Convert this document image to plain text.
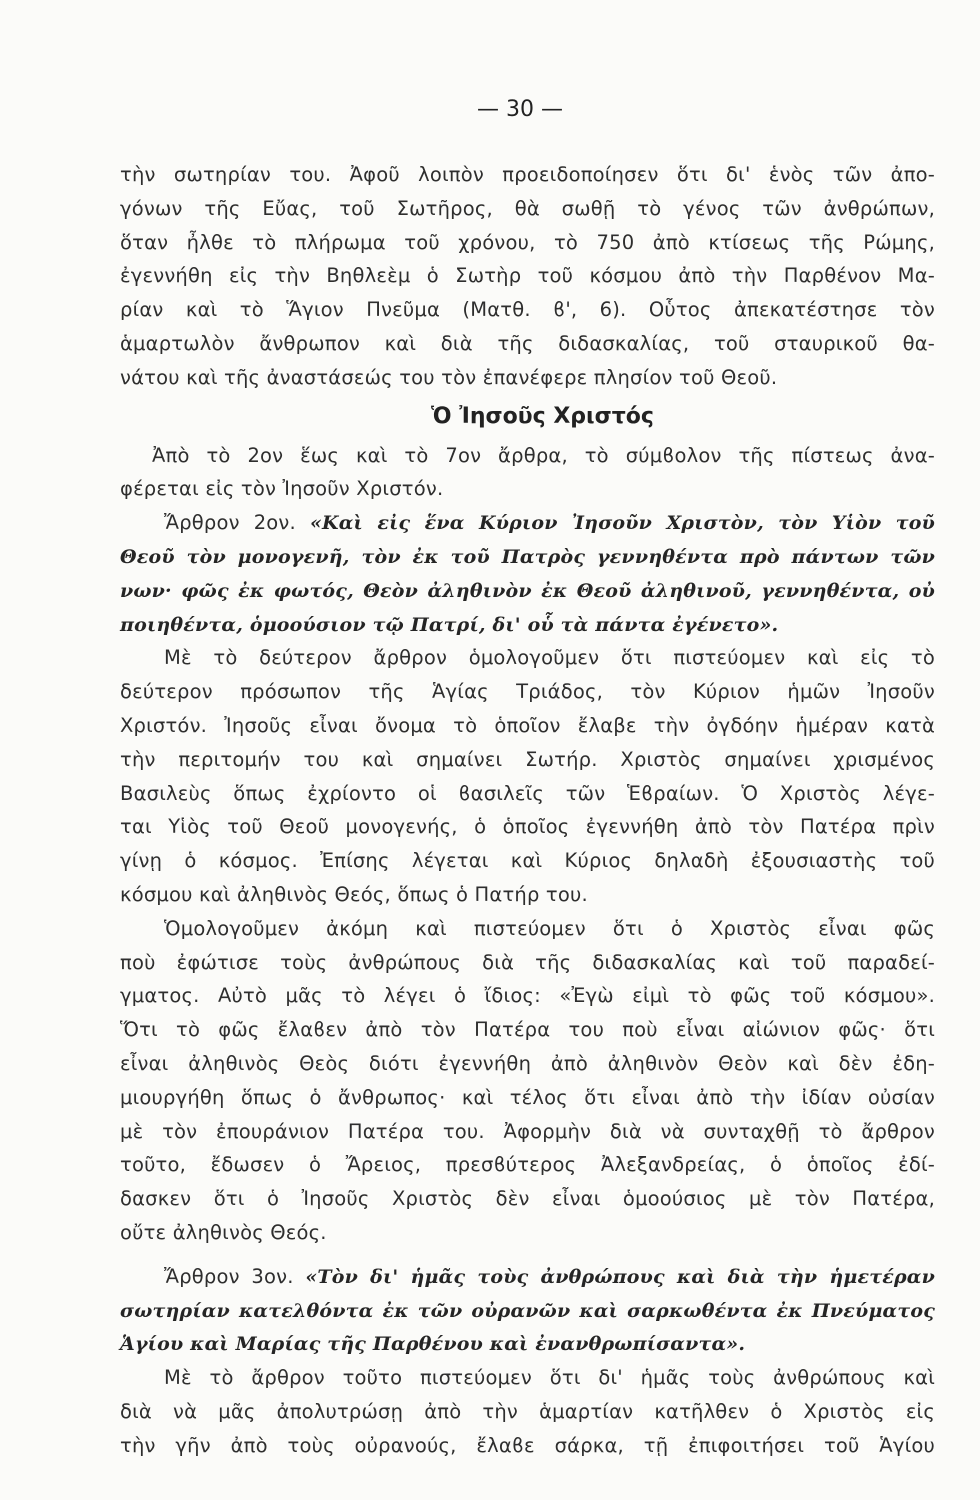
— 30 —
τὴν σωτηρίαν του. Ἀφοῦ λοιπὸν προειδοποίησεν ὅτι δι' ἑνὸς τῶν ἀπο-
γόνων τῆς Εὔας, τοῦ Σωτῆρος, θὰ σωθῇ τὸ γένος τῶν ἀνθρώπων,
ὅταν ἦλθε τὸ πλήρωμα τοῦ χρόνου, τὸ 750 ἀπὸ κτίσεως τῆς Ρώμης,
ἐγεννήθη εἰς τὴν Βηθλεὲμ ὁ Σωτὴρ τοῦ κόσμου ἀπὸ τὴν Παρθένον Μα-
ρίαν καὶ τὸ Ἅγιον Πνεῦμα (Ματθ. ϐ', 6). Οὗτος ἀπεκατέστησε τὸν
ἁμαρτωλὸν ἄνθρωπον καὶ διὰ τῆς διδασκαλίας, τοῦ σταυρικοῦ θα-
νάτου καὶ τῆς ἀναστάσεώς του τὸν ἐπανέφερε πλησίον τοῦ Θεοῦ.
Ὁ Ἰησοῦς Χριστός
Ἀπὸ τὸ 2ον ἕως καὶ τὸ 7ον ἄρθρα, τὸ σύμϐολον τῆς πίστεως ἀνα-
φέρεται εἰς τὸν Ἰησοῦν Χριστόν.
Ἄρθρον 2ον. «Καὶ εἰς ἕνα Κύριον Ἰησοῦν Χριστὸν, τὸν Υἱὸν τοῦ
Θεοῦ τὸν μονογενῆ, τὸν ἐκ τοῦ Πατρὸς γεννηθέντα πρὸ πάντων τῶν
νων· φῶς ἐκ φωτός, Θεὸν ἀληθινὸν ἐκ Θεοῦ ἀληθινοῦ, γεννηθέντα, οὐ
ποιηθέντα, ὁμοούσιον τῷ Πατρί, δι' οὗ τὰ πάντα ἐγένετο».
Μὲ τὸ δεύτερον ἄρθρον ὁμολογοῦμεν ὅτι πιστεύομεν καὶ εἰς τὸ
δεύτερον πρόσωπον τῆς Ἁγίας Τριάδος, τὸν Κύριον ἡμῶν Ἰησοῦν
Χριστόν. Ἰησοῦς εἶναι ὄνομα τὸ ὁποῖον ἔλαβε τὴν ὀγδόην ἡμέραν κατὰ
τὴν περιτομήν του καὶ σημαίνει Σωτήρ. Χριστὸς σημαίνει χρισμένος
Βασιλεὺς ὅπως ἐχρίοντο οἱ ϐασιλεῖς τῶν Ἑϐραίων. Ὁ Χριστὸς λέγε-
ται Υἱὸς τοῦ Θεοῦ μονογενής, ὁ ὁποῖος ἐγεννήθη ἀπὸ τὸν Πατέρα πρὶν
γίνῃ ὁ κόσμος. Ἐπίσης λέγεται καὶ Κύριος δηλαδὴ ἐξουσιαστὴς τοῦ
κόσμου καὶ ἀληθινὸς Θεός, ὅπως ὁ Πατήρ του.
Ὁμολογοῦμεν ἀκόμη καὶ πιστεύομεν ὅτι ὁ Χριστὸς εἶναι φῶς
ποὺ ἐφώτισε τοὺς ἀνθρώπους διὰ τῆς διδασκαλίας καὶ τοῦ παραδεί-
γματος. Αὐτὸ μᾶς τὸ λέγει ὁ ἴδιος: «Ἐγὼ εἰμὶ τὸ φῶς τοῦ κόσμου».
Ὅτι τὸ φῶς ἔλαϐεν ἀπὸ τὸν Πατέρα του ποὺ εἶναι αἰώνιον φῶς· ὅτι
εἶναι ἀληθινὸς Θεὸς διότι ἐγεννήθη ἀπὸ ἀληθινὸν Θεὸν καὶ δὲν ἐδη-
μιουργήθη ὅπως ὁ ἄνθρωπος· καὶ τέλος ὅτι εἶναι ἀπὸ τὴν ἰδίαν οὐσίαν
μὲ τὸν ἐπουράνιον Πατέρα του. Ἀφορμὴν διὰ νὰ συνταχθῇ τὸ ἄρθρον
τοῦτο, ἔδωσεν ὁ Ἄρειος, πρεσϐύτερος Ἀλεξανδρείας, ὁ ὁποῖος ἐδί-
δασκεν ὅτι ὁ Ἰησοῦς Χριστὸς δὲν εἶναι ὁμοούσιος μὲ τὸν Πατέρα,
οὔτε ἀληθινὸς Θεός.
Ἄρθρον 3ον. «Τὸν δι' ἡμᾶς τοὺς ἀνθρώπους καὶ διὰ τὴν ἡμετέραν
σωτηρίαν κατελθόντα ἐκ τῶν οὐρανῶν καὶ σαρκωθέντα ἐκ Πνεύματος
Ἁγίου καὶ Μαρίας τῆς Παρθένου καὶ ἐνανθρωπίσαντα».
Μὲ τὸ ἄρθρον τοῦτο πιστεύομεν ὅτι δι' ἡμᾶς τοὺς ἀνθρώπους καὶ
διὰ νὰ μᾶς ἀπολυτρώσῃ ἀπὸ τὴν ἁμαρτίαν κατῆλθεν ὁ Χριστὸς εἰς
τὴν γῆν ἀπὸ τοὺς οὐρανούς, ἔλαϐε σάρκα, τῇ ἐπιφοιτήσει τοῦ Ἁγίου
